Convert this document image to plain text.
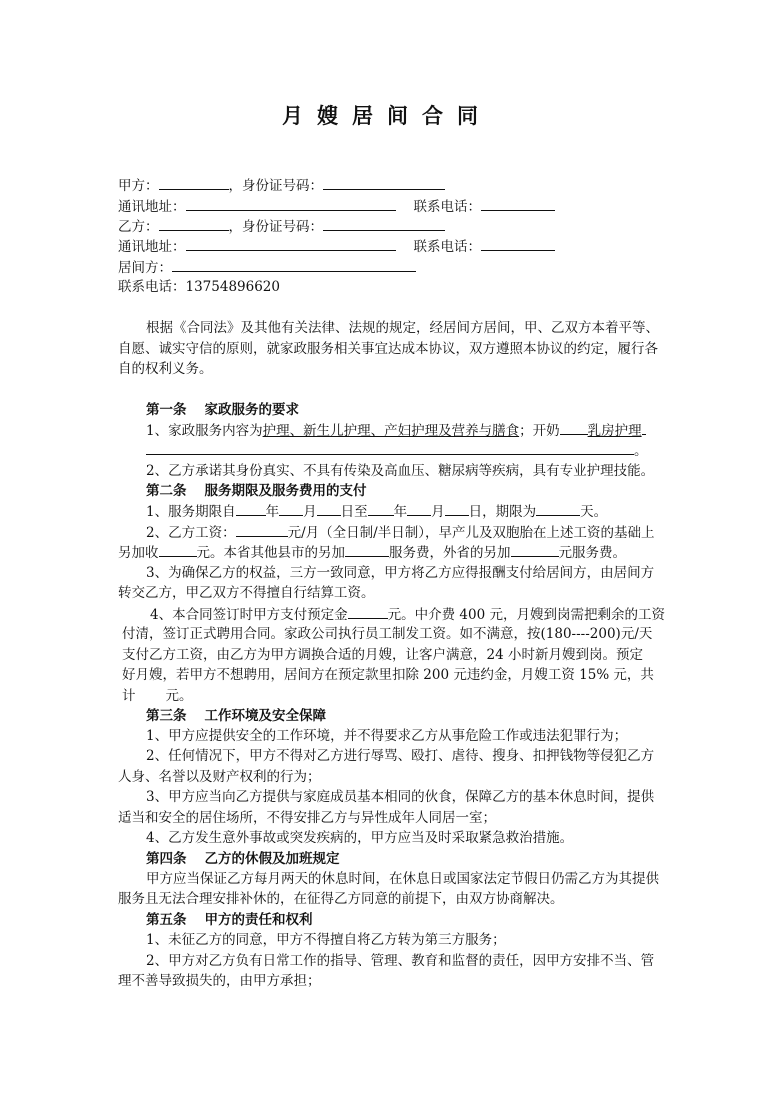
月嫂居间合同
甲方：	，身份证号码：
通讯地址：	联系电话：
乙方：	，身份证号码：
通讯地址：	联系电话：
居间方：
联系电话：13754896620
根据《合同法》及其他有关法律、法规的规定，经居间方居间，甲、乙双方本着平等、
自愿、诚实守信的原则，就家政服务相关事宜达成本协议，双方遵照本协议的约定，履行各
自的权利义务。
第一条 家政服务的要求
1、家政服务内容为护理、新生儿护理、产妇护理及营养与膳食；开奶 乳房护理
。
2、乙方承诺其身份真实、不具有传染及高血压、糖尿病等疾病，具有专业护理技能。
第二条 服务期限及服务费用的支付
1、服务期限自 年 月 日至 年 月 日，期限为	天。
2、乙方工资：	元/月（全日制/半日制），早产儿及双胞胎在上述工资的基础上
另加收	元。本省其他县市的另加	服务费，外省的另加	元服务费。
3、为确保乙方的权益，三方一致同意，甲方将乙方应得报酬支付给居间方，由居间方
转交乙方，甲乙双方不得擅自行结算工资。
4、本合同签订时甲方支付预定金	元。中介费 400 元，月嫂到岗需把剩余的工资
付清，签订正式聘用合同。家政公司执行员工制发工资。如不满意，按(180----200)元/天
支付乙方工资，由乙方为甲方调换合适的月嫂，让客户满意，24 小时新月嫂到岗。预定
好月嫂，若甲方不想聘用，居间方在预定款里扣除 200 元违约金，月嫂工资 15% 元，共
计 元。
第三条 工作环境及安全保障
1、甲方应提供安全的工作环境，并不得要求乙方从事危险工作或违法犯罪行为；
2、任何情况下，甲方不得对乙方进行辱骂、殴打、虐待、搜身、扣押钱物等侵犯乙方
人身、名誉以及财产权利的行为；
3、甲方应当向乙方提供与家庭成员基本相同的伙食，保障乙方的基本休息时间，提供
适当和安全的居住场所，不得安排乙方与异性成年人同居一室；
4、乙方发生意外事故或突发疾病的，甲方应当及时采取紧急救治措施。
第四条 乙方的休假及加班规定
甲方应当保证乙方每月两天的休息时间，在休息日或国家法定节假日仍需乙方为其提供
服务且无法合理安排补休的，在征得乙方同意的前提下，由双方协商解决。
第五条 甲方的责任和权利
1、未征乙方的同意，甲方不得擅自将乙方转为第三方服务；
2、甲方对乙方负有日常工作的指导、管理、教育和监督的责任，因甲方安排不当、管
理不善导致损失的，由甲方承担；
